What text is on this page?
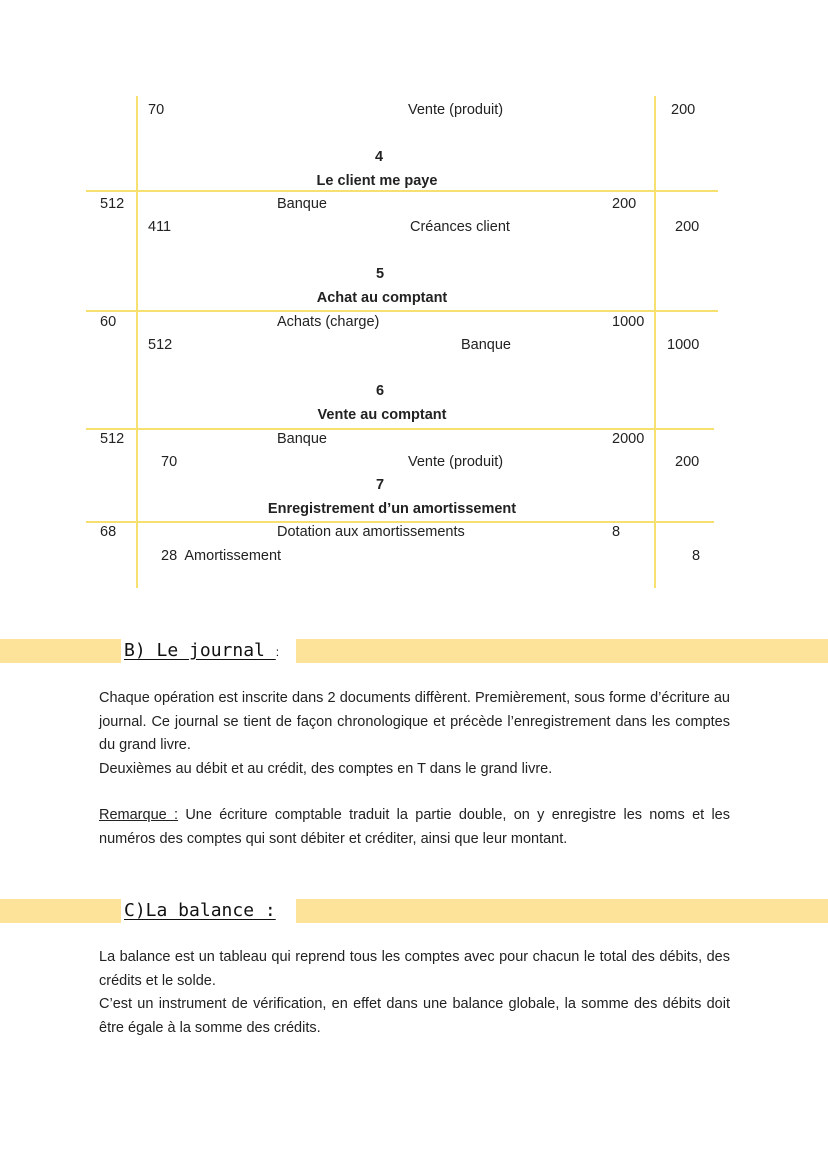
70	Vente (produit)	200
4
Le client me paye
512	Banque	200
411	Créances client	200
5
Achat au comptant
60	Achats (charge)	1000
512	Banque	1000
6
Vente au comptant
512	Banque	2000
70	Vente (produit)	200
7
Enregistrement d’un amortissement
68	Dotation aux amortissements	8
28  Amortissement	8
B) Le journal :

Chaque opération est inscrite dans 2 documents diffèrent. Premièrement, sous forme d’écriture au journal. Ce journal se tient de façon chronologique et précède l’enregistrement dans les comptes du grand livre.

Deuxièmes au débit et au crédit, des comptes en T dans le grand livre.

Remarque : Une écriture comptable traduit la partie double, on y enregistre les noms et les numéros des comptes qui sont débiter et créditer, ainsi que leur montant.

C)La balance :

La balance est un tableau qui reprend tous les comptes avec pour chacun le total des débits, des crédits et le solde.

C’est un instrument de vérification, en effet dans une balance globale, la somme des débits doit être égale à la somme des crédits.
